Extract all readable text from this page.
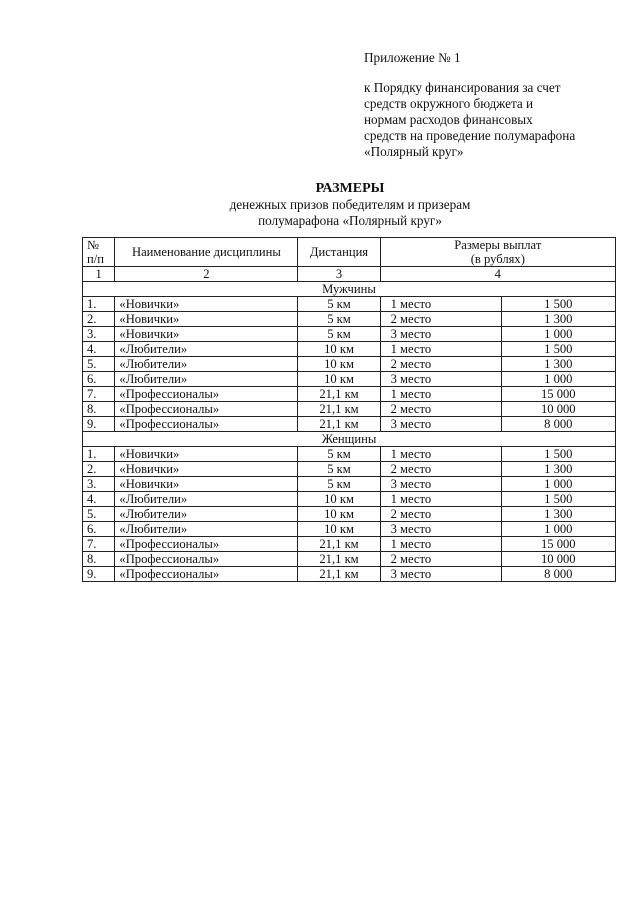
Приложение № 1
к Порядку финансирования за счет
средств окружного бюджета и
нормам расходов финансовых
средств на проведение полумарафона
«Полярный круг»
РАЗМЕРЫ
денежных призов победителям и призерам
полумарафона «Полярный круг»
№ п/п	Наименование дисциплины	Дистанция	Размеры выплат
(в рублях)	

1	2	3	4	
Мужчины				
1.	«Новички»	5 км	1 место	1 500
2.	«Новички»	5 км	2 место	1 300
3.	«Новички»	5 км	3 место	1 000
4.	«Любители»	10 км	1 место	1 500
5.	«Любители»	10 км	2 место	1 300
6.	«Любители»	10 км	3 место	1 000
7.	«Профессионалы»	21,1 км	1 место	15 000
8.	«Профессионалы»	21,1 км	2 место	10 000
9.	«Профессионалы»	21,1 км	3 место	8 000
Женщины				
1.	«Новички»	5 км	1 место	1 500
2.	«Новички»	5 км	2 место	1 300
3.	«Новички»	5 км	3 место	1 000
4.	«Любители»	10 км	1 место	1 500
5.	«Любители»	10 км	2 место	1 300
6.	«Любители»	10 км	3 место	1 000
7.	«Профессионалы»	21,1 км	1 место	15 000
8.	«Профессионалы»	21,1 км	2 место	10 000
9.	«Профессионалы»	21,1 км	3 место	8 000
